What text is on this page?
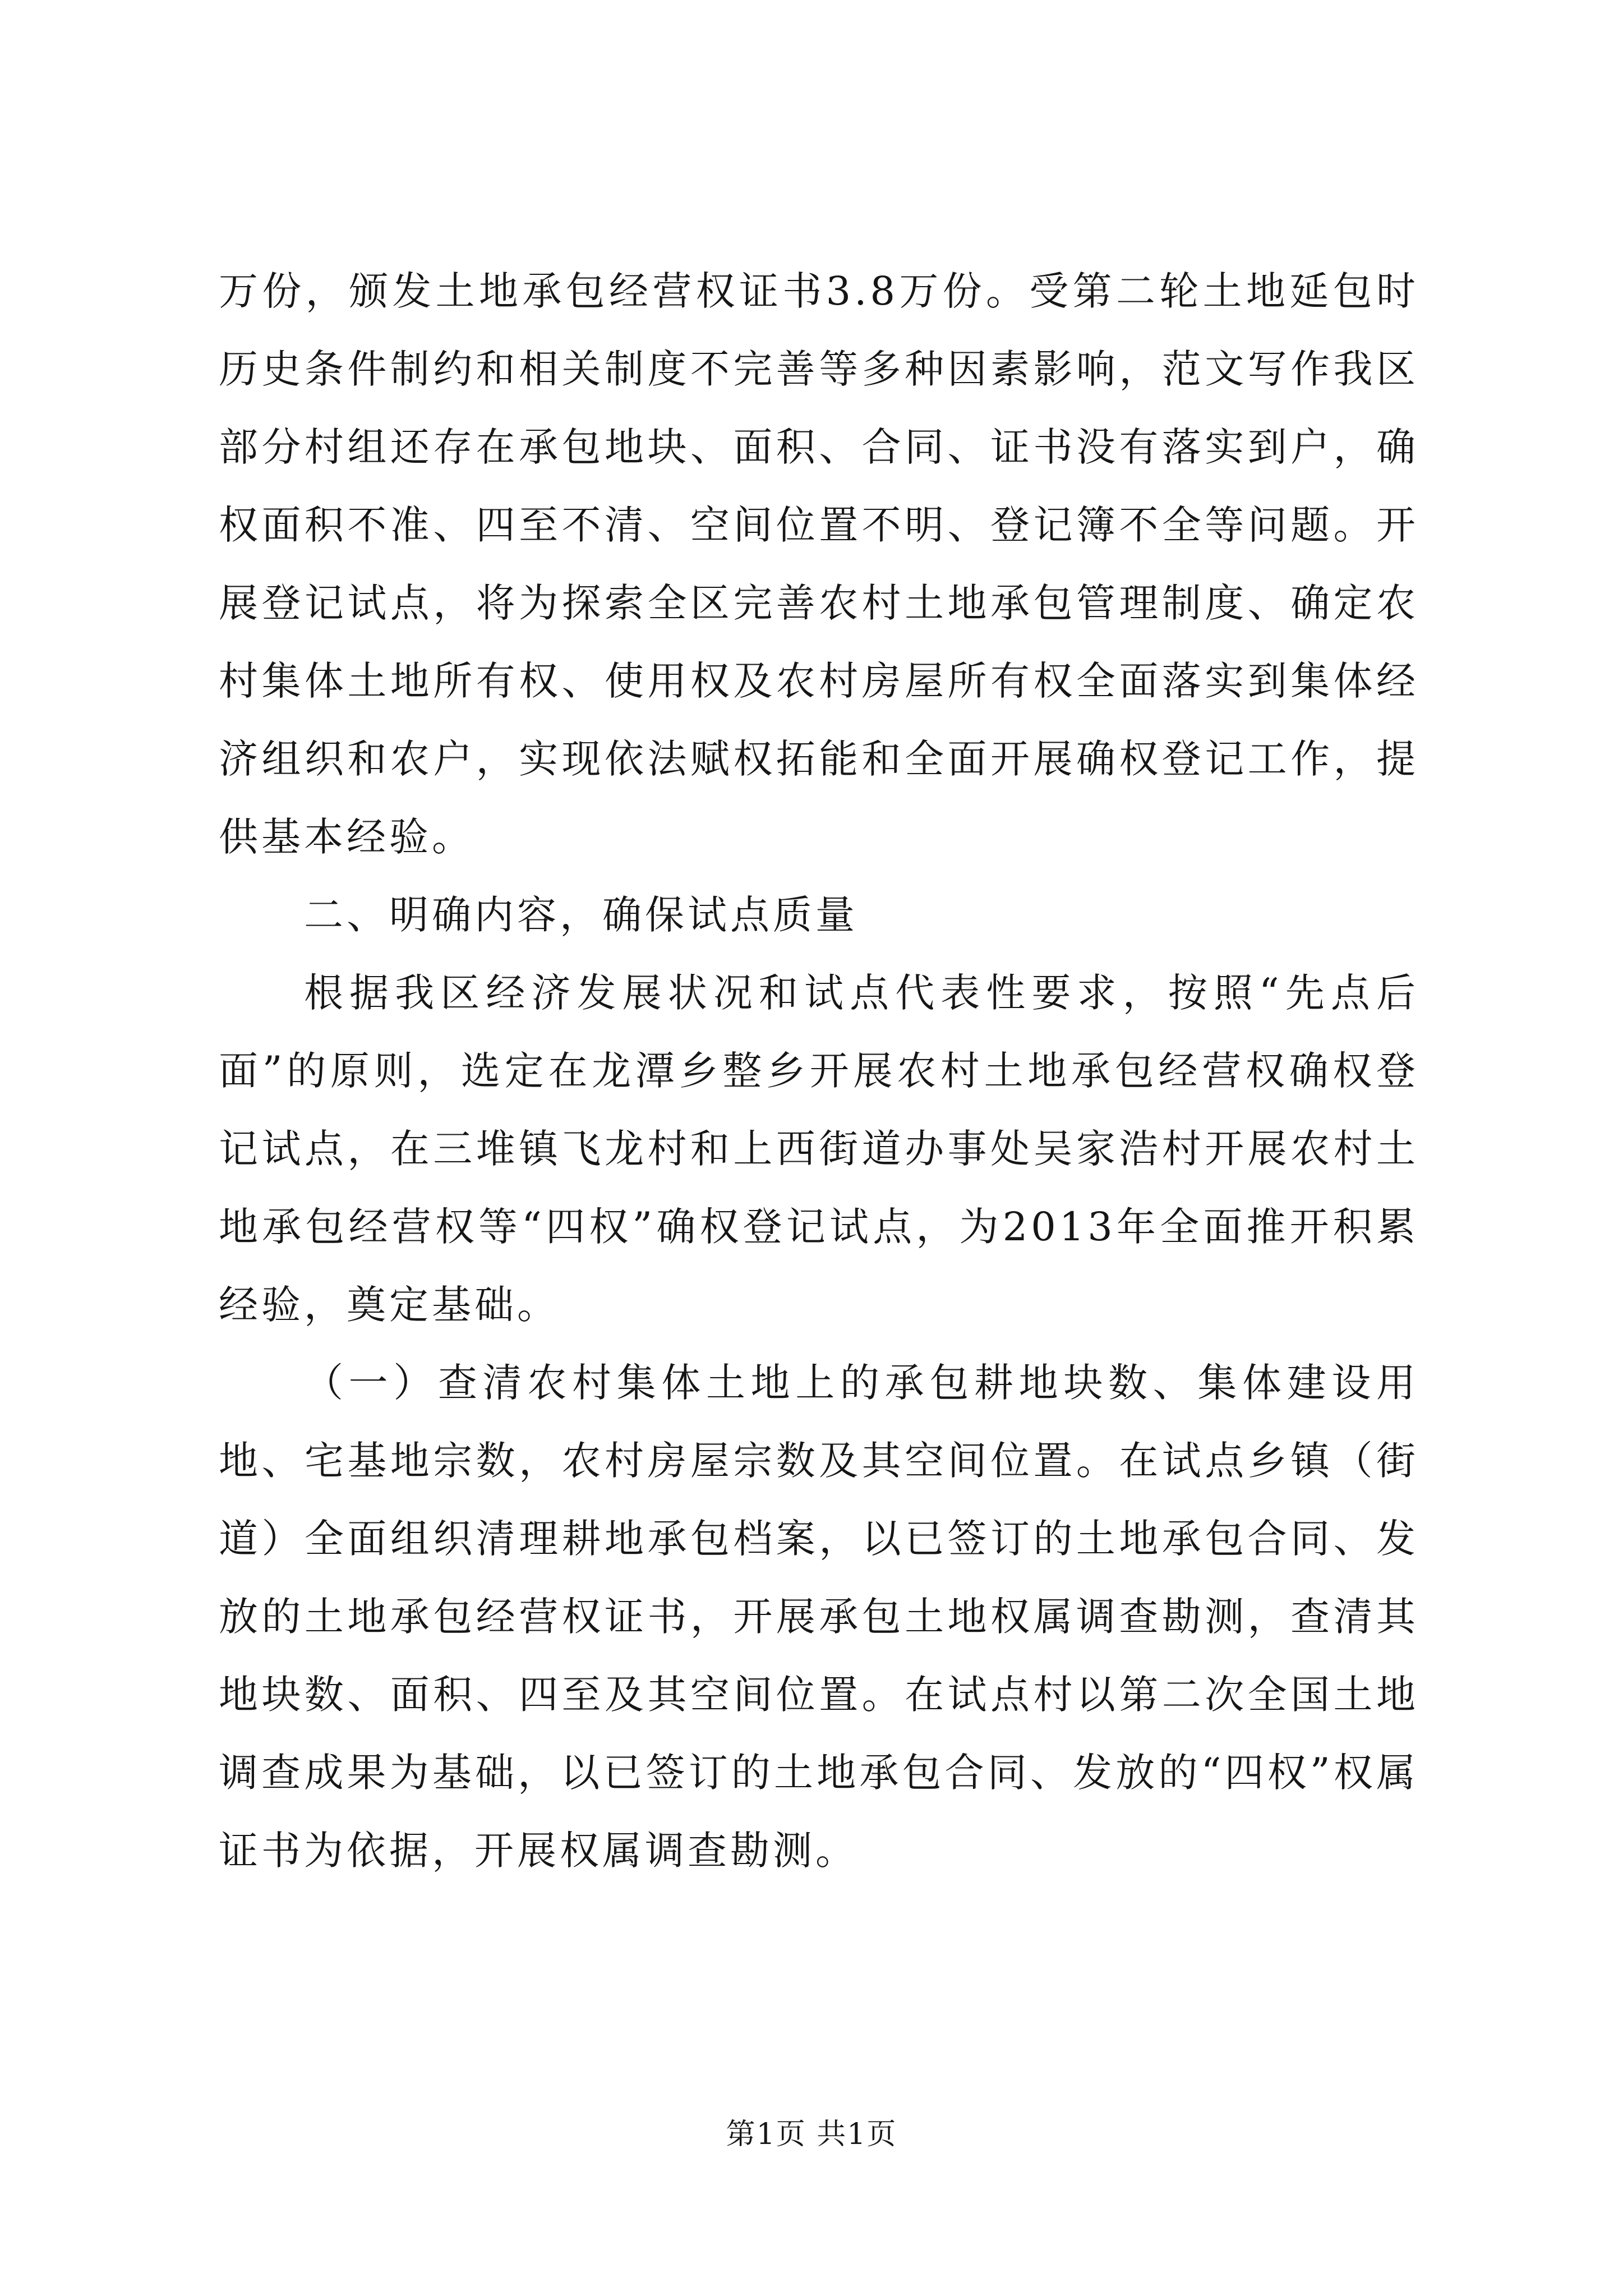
万份，颁发土地承包经营权证书3.8万份。受第二轮土地延包时历史条件制约和相关制度不完善等多种因素影响，范文写作我区部分村组还存在承包地块、面积、合同、证书没有落实到户，确权面积不准、四至不清、空间位置不明、登记簿不全等问题。开展登记试点，将为探索全区完善农村土地承包管理制度、确定农村集体土地所有权、使用权及农村房屋所有权全面落实到集体经济组织和农户，实现依法赋权拓能和全面开展确权登记工作，提供基本经验。

二、明确内容，确保试点质量

根据我区经济发展状况和试点代表性要求，按照“先点后面”的原则，选定在龙潭乡整乡开展农村土地承包经营权确权登记试点，在三堆镇飞龙村和上西街道办事处吴家浩村开展农村土地承包经营权等“四权”确权登记试点，为2013年全面推开积累经验，奠定基础。

（一）查清农村集体土地上的承包耕地块数、集体建设用地、宅基地宗数，农村房屋宗数及其空间位置。在试点乡镇（街道）全面组织清理耕地承包档案，以已签订的土地承包合同、发放的土地承包经营权证书，开展承包土地权属调查勘测，查清其地块数、面积、四至及其空间位置。在试点村以第二次全国土地调查成果为基础，以已签订的土地承包合同、发放的“四权”权属证书为依据，开展权属调查勘测。

第1页 共1页
